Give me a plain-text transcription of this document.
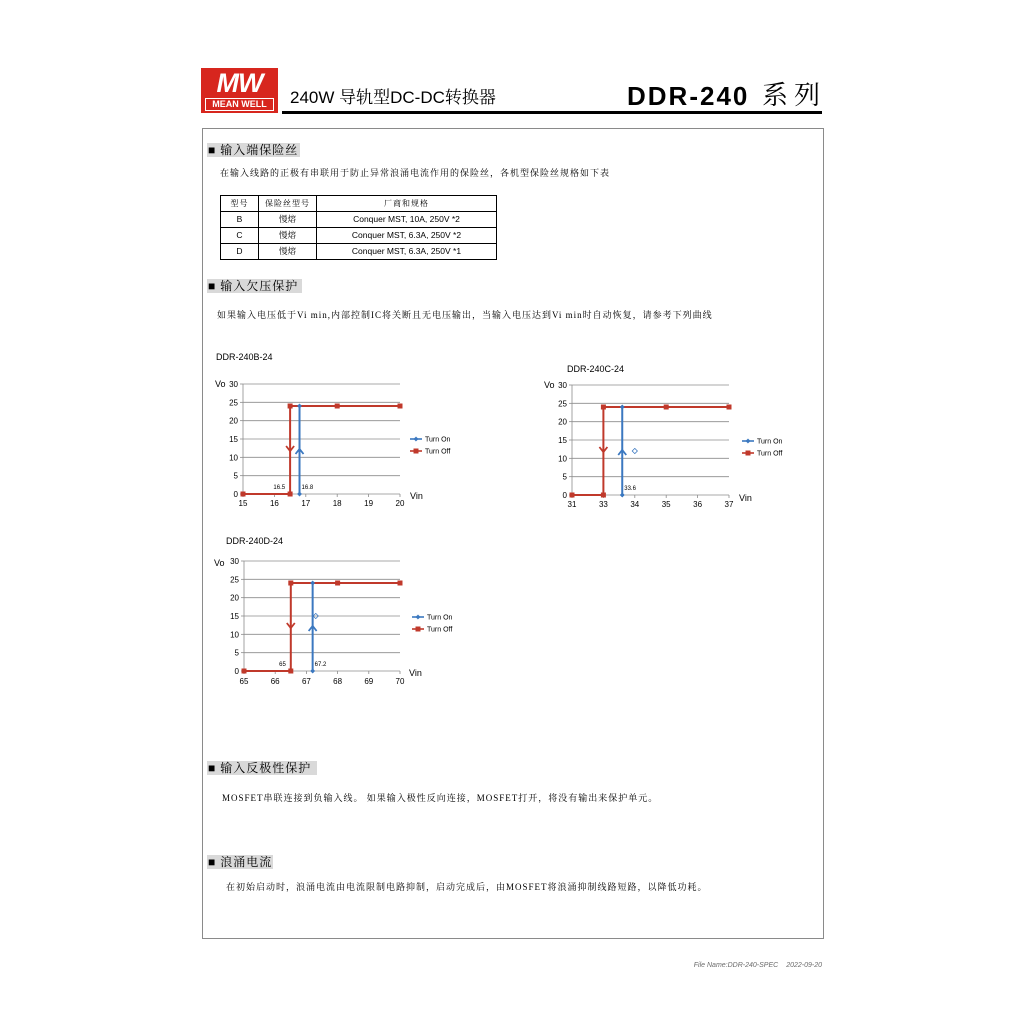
MW
MEAN WELL	240W 导轨型DC-DC转换器	DDR-240 系列
■ 输入端保险丝
在输入线路的正极有串联用于防止异常浪涌电流作用的保险丝，各机型保险丝规格如下表
型号	保险丝型号	厂商和规格
B	慢熔	Conquer MST, 10A, 250V *2
C	慢熔	Conquer MST, 6.3A, 250V *2
D	慢熔	Conquer MST, 6.3A, 250V *1
■ 输入欠压保护
如果输入电压低于Vi min,内部控制IC将关断且无电压输出，当输入电压达到Vi min时自动恢复，请参考下列曲线
DDR-240B-24
Vo
Vin
0
5
10
15
20
25
30
15	16	17	18	19	20
16.5	16.8
Turn On
Turn Off
DDR-240C-24
Vo
Vin
0
5
10
15
20
25
30
31	33	34	35	36	37
33.6
Turn On
Turn Off
DDR-240D-24
Vo
Vin
0
5
10
15
20
25
30
65	66	67	68	69	70
65	67.2
Turn On
Turn Off
■ 输入反极性保护
MOSFET串联连接到负输入线。 如果输入极性反向连接，MOSFET打开，将没有输出来保护单元。
■ 浪涌电流
在初始启动时，浪涌电流由电流限制电路抑制，启动完成后，由MOSFET将浪涌抑制线路短路，以降低功耗。
File Name:DDR-240-SPEC 2022-09-20
